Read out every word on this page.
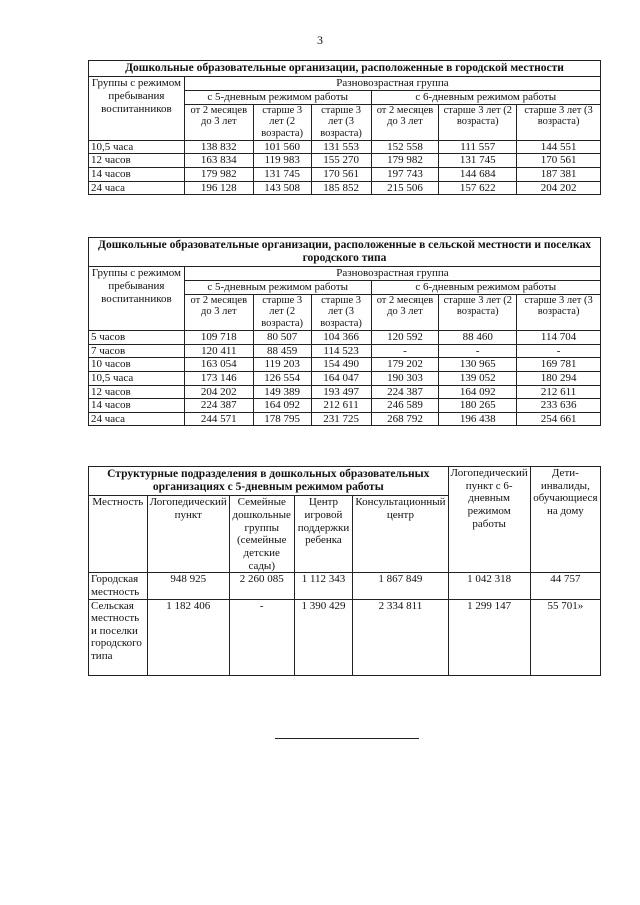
3
Дошкольные образовательные организации, расположенные в городской местности						
Группы с режимом пребывания воспитанников	Разновозрастная группа					
	с 5-дневным режимом работы			с 6-дневным режимом работы		
	от 2 месяцев до 3 лет	старше 3 лет (2 возраста)	старше 3 лет (3 возраста)	от 2 месяцев до 3 лет	старше 3 лет (2 возраста)	старше 3 лет (3 возраста)
10,5 часа	138 832	101 560	131 553	152 558	111 557	144 551
12 часов	163 834	119 983	155 270	179 982	131 745	170 561
14 часов	179 982	131 745	170 561	197 743	144 684	187 381
24 часа	196 128	143 508	185 852	215 506	157 622	204 202
Дошкольные образовательные организации, расположенные в сельской местности и поселках городского типа						
Группы с режимом пребывания воспитанников	Разновозрастная группа					
	с 5-дневным режимом работы			с 6-дневным режимом работы		
	от 2 месяцев до 3 лет	старше 3 лет (2 возраста)	старше 3 лет (3 возраста)	от 2 месяцев до 3 лет	старше 3 лет (2 возраста)	старше 3 лет (3 возраста)
5 часов	109 718	80 507	104 366	120 592	88 460	114 704
7 часов	120 411	88 459	114 523	-	-	-
10 часов	163 054	119 203	154 490	179 202	130 965	169 781
10,5 часа	173 146	126 554	164 047	190 303	139 052	180 294
12 часов	204 202	149 389	193 497	224 387	164 092	212 611
14 часов	224 387	164 092	212 611	246 589	180 265	233 636
24 часа	244 571	178 795	231 725	268 792	196 438	254 661
Структурные подразделения в дошкольных образовательных организациях с 5-дневным режимом работы					Логопедический пункт с 6-дневным режимом работы	Дети-инвалиды, обучающиеся на дому
Местность	Логопедический пункт	Семейные дошкольные группы (семейные детские сады)	Центр игровой поддержки ребенка	Консультационный центр		
Городская местность	948 925	2 260 085	1 112 343	1 867 849	1 042 318	44 757
Сельская местность и поселки городского типа	1 182 406	-	1 390 429	2 334 811	1 299 147	55 701»
